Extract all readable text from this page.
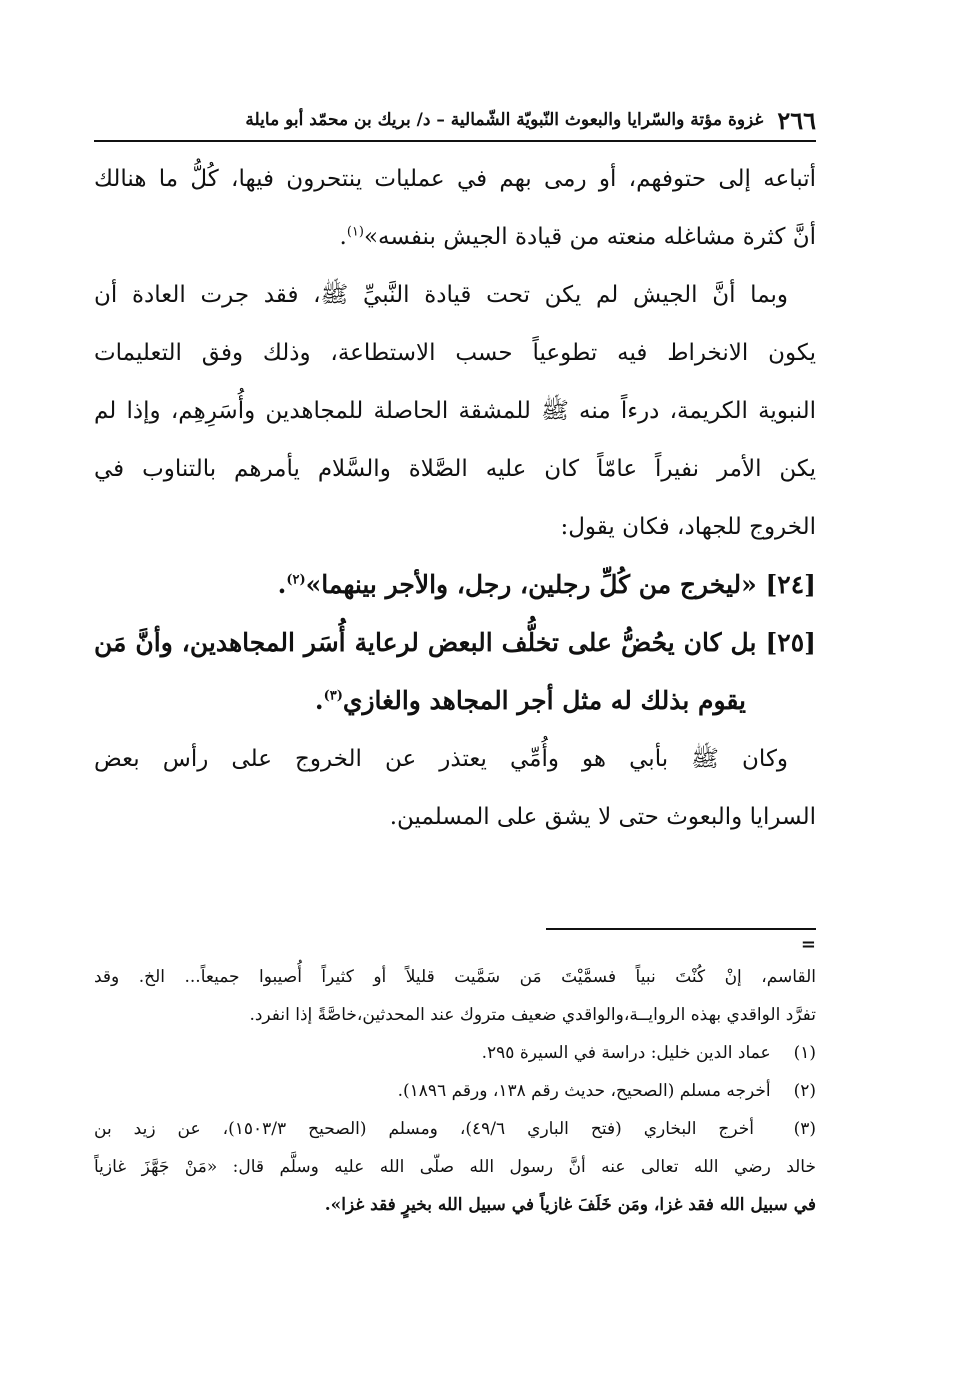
٢٦٦
غزوة مؤتة والسّرايا والبعوث النّبويّة الشّمالية – د/ بريك بن محمّد أبو مايلة
أتباعه إلى حتوفهم، أو رمى بهم في عمليات ينتحرون فيها، كُلُّ ما هنالك
أنَّ كثرة مشاغله منعته من قيادة الجيش بنفسه»$^{(١)}$.
وبما أنَّ الجيش لم يكن تحت قيادة النَّبيِّ ﷺ، فقد جرت العادة أن
يكون الانخراط فيه تطوعياً حسب الاستطاعة، وذلك وفق التعليمات
النبوية الكريمة، درءاً منه ﷺ للمشقة الحاصلة للمجاهدين وأُسَرِهِم، وإذا لم
يكن الأمر نفيراً عامّاً كان عليه الصَّلاة والسَّلام يأمرهم بالتناوب في
الخروج للجهاد، فكان يقول:
[٢٤] «ليخرج من كُلِّ رجلين، رجل، والأجر بينهما»$^{(٢)}$.
[٢٥] بل كان يحُضُّ على تخلُّف البعض لرعاية أُسَر المجاهدين، وأنَّ مَن
يقوم بذلك له مثل أجر المجاهد والغازي$^{(٣)}$.
وكان ﷺ بأبي هو وأُمِّي يعتذر عن الخروج على رأس بعض
السرايا والبعوث حتى لا يشق على المسلمين.
=
القاسم، إنْ كُنْتَ نبياً فسمَّيْتَ مَن سَمَّيت قليلاً أو كثيراً أُصيبوا جميعاً... الخ. وقد
تفرَّد الواقدي بهذه الروايــة،والواقدي ضعيف متروك عند المحدثين،خاصَّةً إذا انفرد.
(١) عماد الدين خليل: دراسة في السيرة ٢٩٥.
(٢) أخرجه مسلم (الصحيح، حديث رقم ١٣٨، ورقم ١٨٩٦).
(٣) أخرج البخاري (فتح الباري ٤٩/٦)، ومسلم (الصحيح ١٥٠٣/٣)، عن زيد بن
خالد رضي الله تعالى عنه أنَّ رسول الله صلّى الله عليه وسلَّم قال: «مَنْ جَهَّزَ غازياً
في سبيل الله فقد غزا، ومَن خَلَفَ غازياً في سبيل الله بخيرٍ فقد غزا».
